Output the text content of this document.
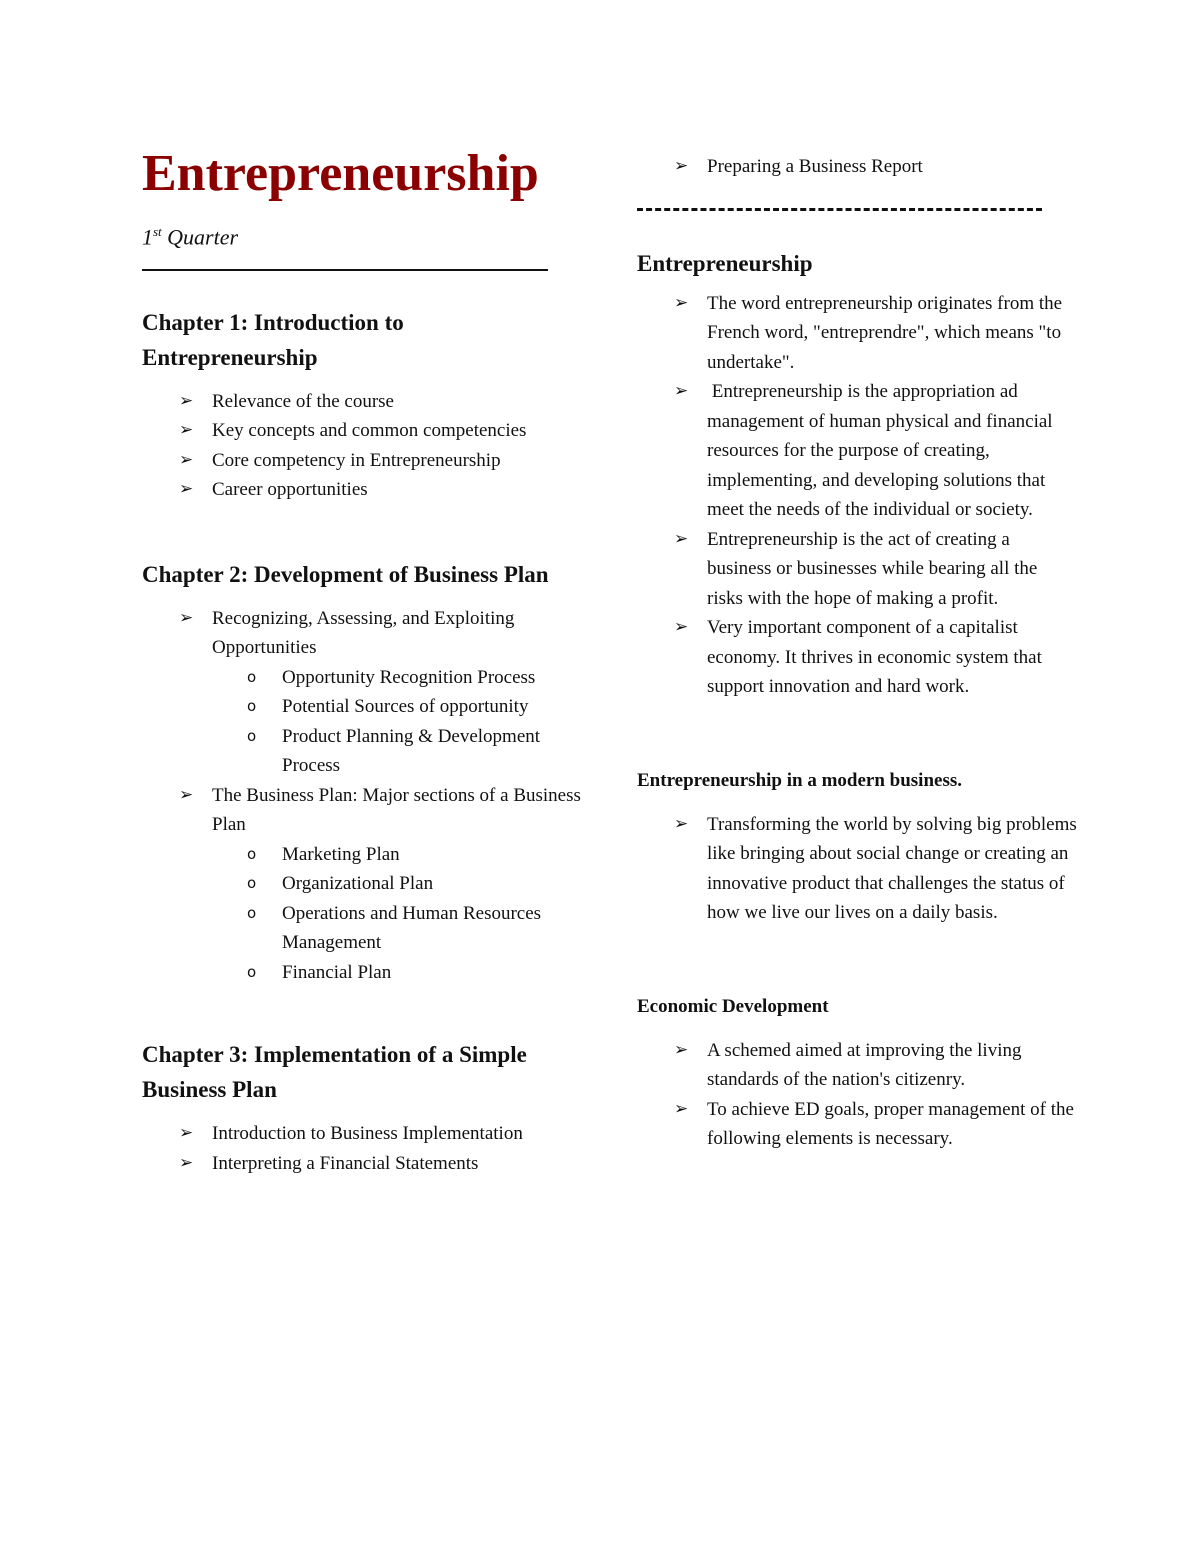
Entrepreneurship

1st Quarter

Chapter 1: Introduction to Entrepreneurship
➢ Relevance of the course
➢ Key concepts and common competencies
➢ Core competency in Entrepreneurship
➢ Career opportunities
Chapter 2: Development of Business Plan
➢ Recognizing, Assessing, and Exploiting Opportunities
o	Opportunity Recognition Process
o	Potential Sources of opportunity
o	Product Planning & Development Process
➢ The Business Plan: Major sections of a Business Plan
o	Marketing Plan
o	Organizational Plan
o	Operations and Human Resources Management
o	Financial Plan
Chapter 3: Implementation of a Simple Business Plan
➢ Introduction to Business Implementation
➢ Interpreting a Financial Statements
➢ Preparing a Business Report
Entrepreneurship
➢ The word entrepreneurship originates from the French word, "entreprendre", which means "to undertake".
➢ Entrepreneurship is the appropriation ad management of human physical and financial resources for the purpose of creating, implementing, and developing solutions that meet the needs of the individual or society.
➢ Entrepreneurship is the act of creating a business or businesses while bearing all the risks with the hope of making a profit.
➢ Very important component of a capitalist economy. It thrives in economic system that support innovation and hard work.
Entrepreneurship in a modern business.
➢ Transforming the world by solving big problems like bringing about social change or creating an innovative product that challenges the status of how we live our lives on a daily basis.
Economic Development
➢ A schemed aimed at improving the living standards of the nation's citizenry.
➢ To achieve ED goals, proper management of the following elements is necessary.
